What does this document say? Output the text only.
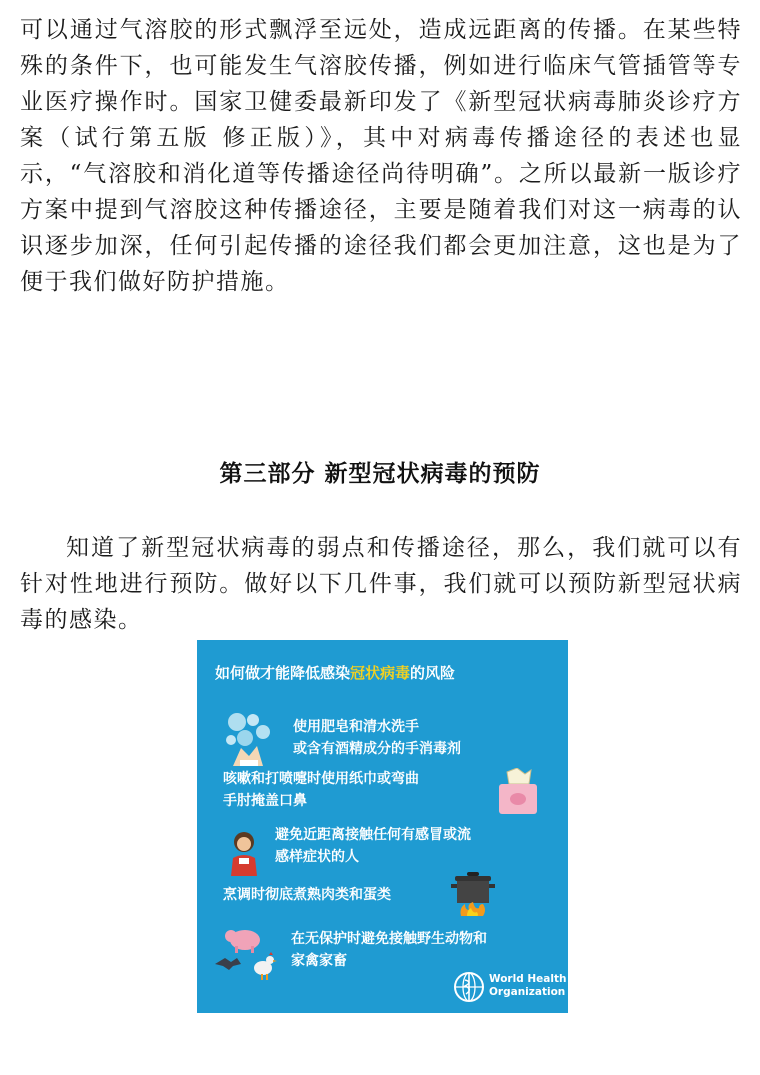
可以通过气溶胶的形式飘浮至远处，造成远距离的传播。在某些特殊的条件下，也可能发生气溶胶传播，例如进行临床气管插管等专业医疗操作时。国家卫健委最新印发了《新型冠状病毒肺炎诊疗方案（试行第五版 修正版）》，其中对病毒传播途径的表述也显示，“气溶胶和消化道等传播途径尚待明确”。之所以最新一版诊疗方案中提到气溶胶这种传播途径，主要是随着我们对这一病毒的认识逐步加深，任何引起传播的途径我们都会更加注意，这也是为了便于我们做好防护措施。

第三部分 新型冠状病毒的预防

知道了新型冠状病毒的弱点和传播途径，那么，我们就可以有针对性地进行预防。做好以下几件事，我们就可以预防新型冠状病毒的感染。

如何做才能降低感染冠状病毒的风险
使用肥皂和清水洗手
或含有酒精成分的手消毒剂
咳嗽和打喷嚏时使用纸巾或弯曲
手肘掩盖口鼻
避免近距离接触任何有感冒或流
感样症状的人
烹调时彻底煮熟肉类和蛋类
在无保护时避免接触野生动物和
家禽家畜
World Health
Organization
